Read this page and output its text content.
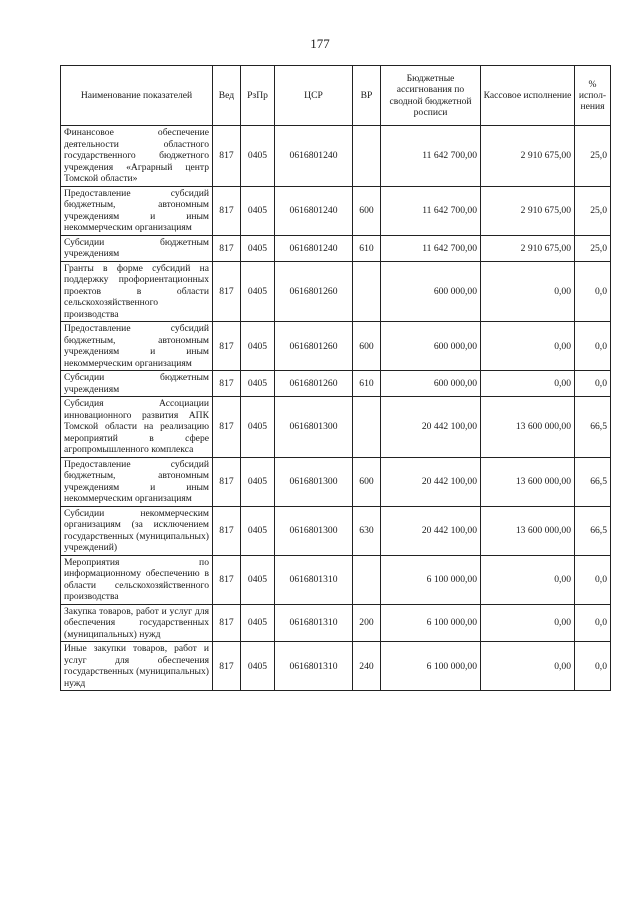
177
Наименование показателей	Вед	РзПр	ЦСР	ВР	Бюджетные ассигнования по сводной бюджетной росписи	Кассовое исполнение	% испол-нения
Финансовое обеспечение деятельности областного государственного бюджетного учреждения «Аграрный центр Томской области»	817	0405	0616801240		11 642 700,00	2 910 675,00	25,0
Предоставление субсидий бюджетным, автономным учреждениям и иным некоммерческим организациям	817	0405	0616801240	600	11 642 700,00	2 910 675,00	25,0
Субсидии бюджетным учреждениям	817	0405	0616801240	610	11 642 700,00	2 910 675,00	25,0
Гранты в форме субсидий на поддержку профориентационных проектов в области сельскохозяйственного производства	817	0405	0616801260		600 000,00	0,00	0,0
Предоставление субсидий бюджетным, автономным учреждениям и иным некоммерческим организациям	817	0405	0616801260	600	600 000,00	0,00	0,0
Субсидии бюджетным учреждениям	817	0405	0616801260	610	600 000,00	0,00	0,0
Субсидия Ассоциации инновационного развития АПК Томской области на реализацию мероприятий в сфере агропромышленного комплекса	817	0405	0616801300		20 442 100,00	13 600 000,00	66,5
Предоставление субсидий бюджетным, автономным учреждениям и иным некоммерческим организациям	817	0405	0616801300	600	20 442 100,00	13 600 000,00	66,5
Субсидии некоммерческим организациям (за исключением государственных (муниципальных) учреждений)	817	0405	0616801300	630	20 442 100,00	13 600 000,00	66,5
Мероприятия по информационному обеспечению в области сельскохозяйственного производства	817	0405	0616801310		6 100 000,00	0,00	0,0
Закупка товаров, работ и услуг для обеспечения государственных (муниципальных) нужд	817	0405	0616801310	200	6 100 000,00	0,00	0,0
Иные закупки товаров, работ и услуг для обеспечения государственных (муниципальных) нужд	817	0405	0616801310	240	6 100 000,00	0,00	0,0
